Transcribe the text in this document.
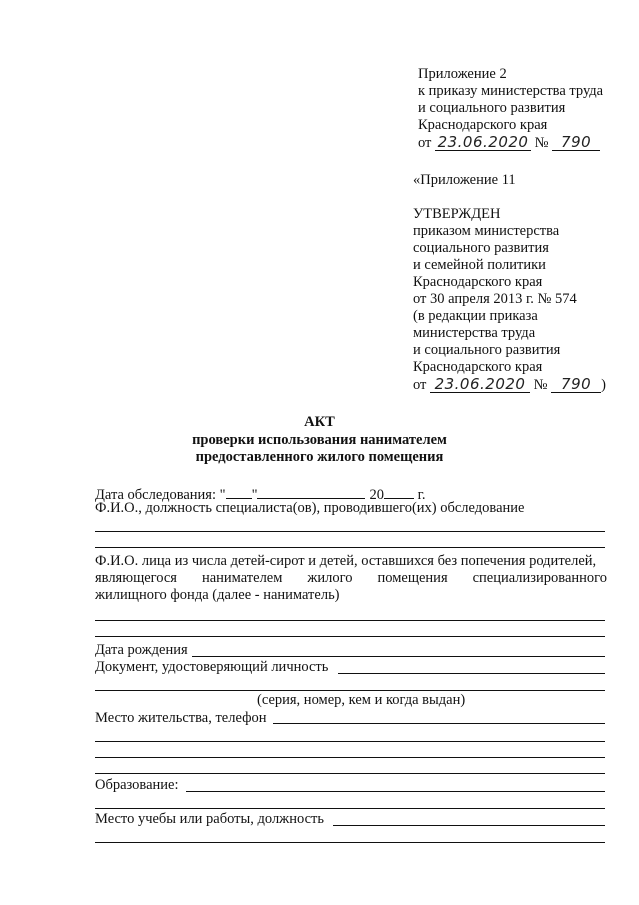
Приложение 2
к приказу министерства труда
и социального развития
Краснодарского края
от 23.06.2020 № 790
«Приложение 11
УТВЕРЖДЕН
приказом министерства
социального развития
и семейной политики
Краснодарского края
от 30 апреля 2013 г. № 574
(в редакции приказа
министерства труда
и социального развития
Краснодарского края
от 23.06.2020 № 790 )
АКТ
проверки использования нанимателем
предоставленного жилого помещения
Дата обследования: " "	20 г.
Ф.И.О., должность специалиста(ов), проводившего(их) обследование
Ф.И.О. лица из числа детей-сирот и детей, оставшихся без попечения родителей,
являющегося нанимателем жилого помещения специализированного
жилищного фонда (далее - наниматель)
Дата рождения
Документ, удостоверяющий личность
(серия, номер, кем и когда выдан)
Место жительства, телефон
Образование:
Место учебы или работы, должность
